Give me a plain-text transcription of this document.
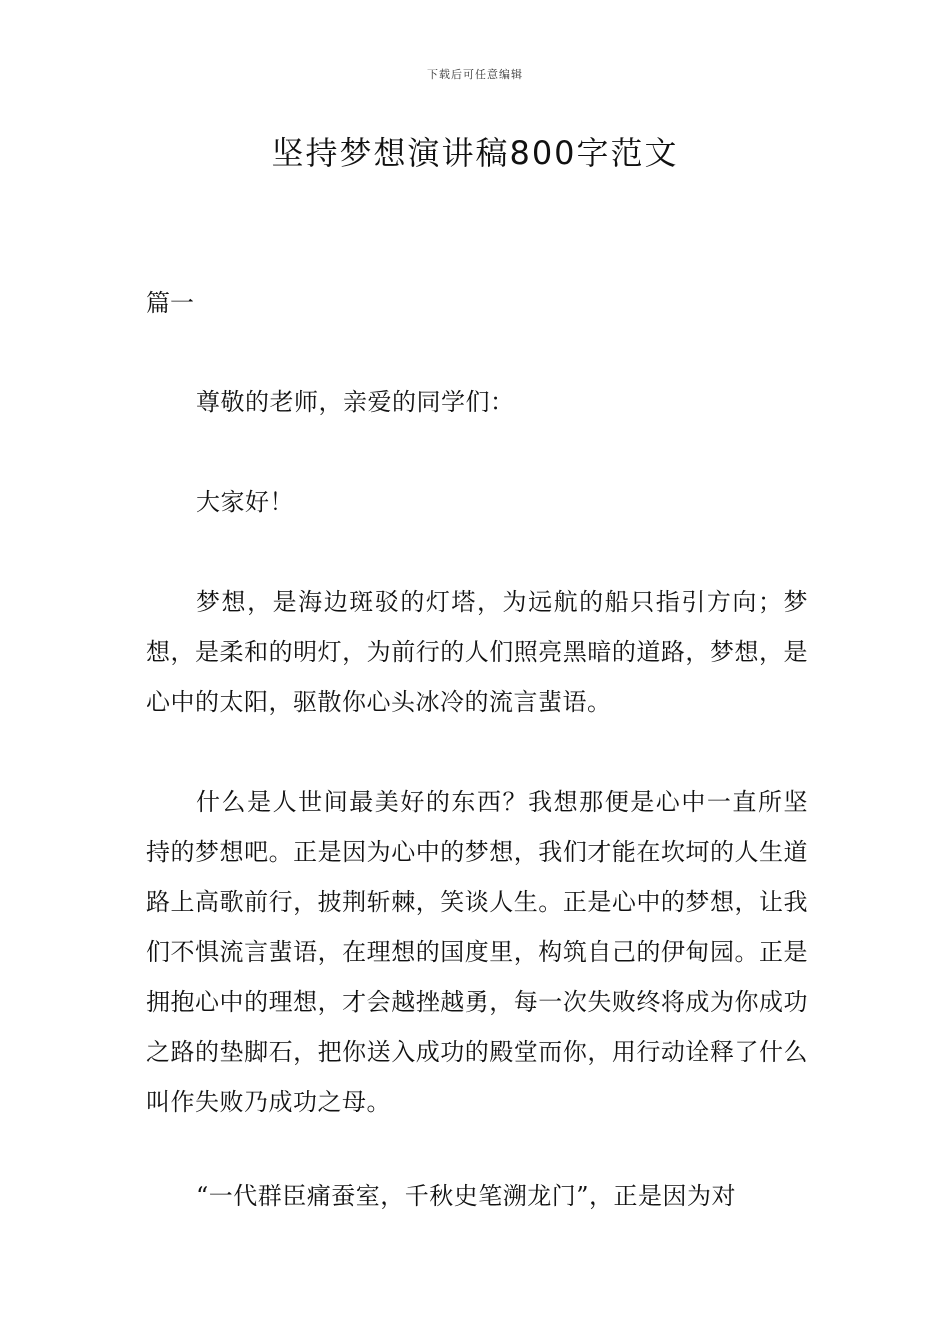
下载后可任意编辑
坚持梦想演讲稿800字范文
篇一

尊敬的老师，亲爱的同学们：

大家好！

梦想，是海边斑驳的灯塔，为远航的船只指引方向；梦想，是柔和的明灯，为前行的人们照亮黑暗的道路，梦想，是心中的太阳，驱散你心头冰冷的流言蜚语。

什么是人世间最美好的东西？我想那便是心中一直所坚持的梦想吧。正是因为心中的梦想，我们才能在坎坷的人生道路上高歌前行，披荆斩棘，笑谈人生。正是心中的梦想，让我们不惧流言蜚语，在理想的国度里，构筑自己的伊甸园。正是拥抱心中的理想，才会越挫越勇，每一次失败终将成为你成功之路的垫脚石，把你送入成功的殿堂而你，用行动诠释了什么叫作失败乃成功之母。

“一代群臣痛蚕室，千秋史笔溯龙门”，正是因为对
